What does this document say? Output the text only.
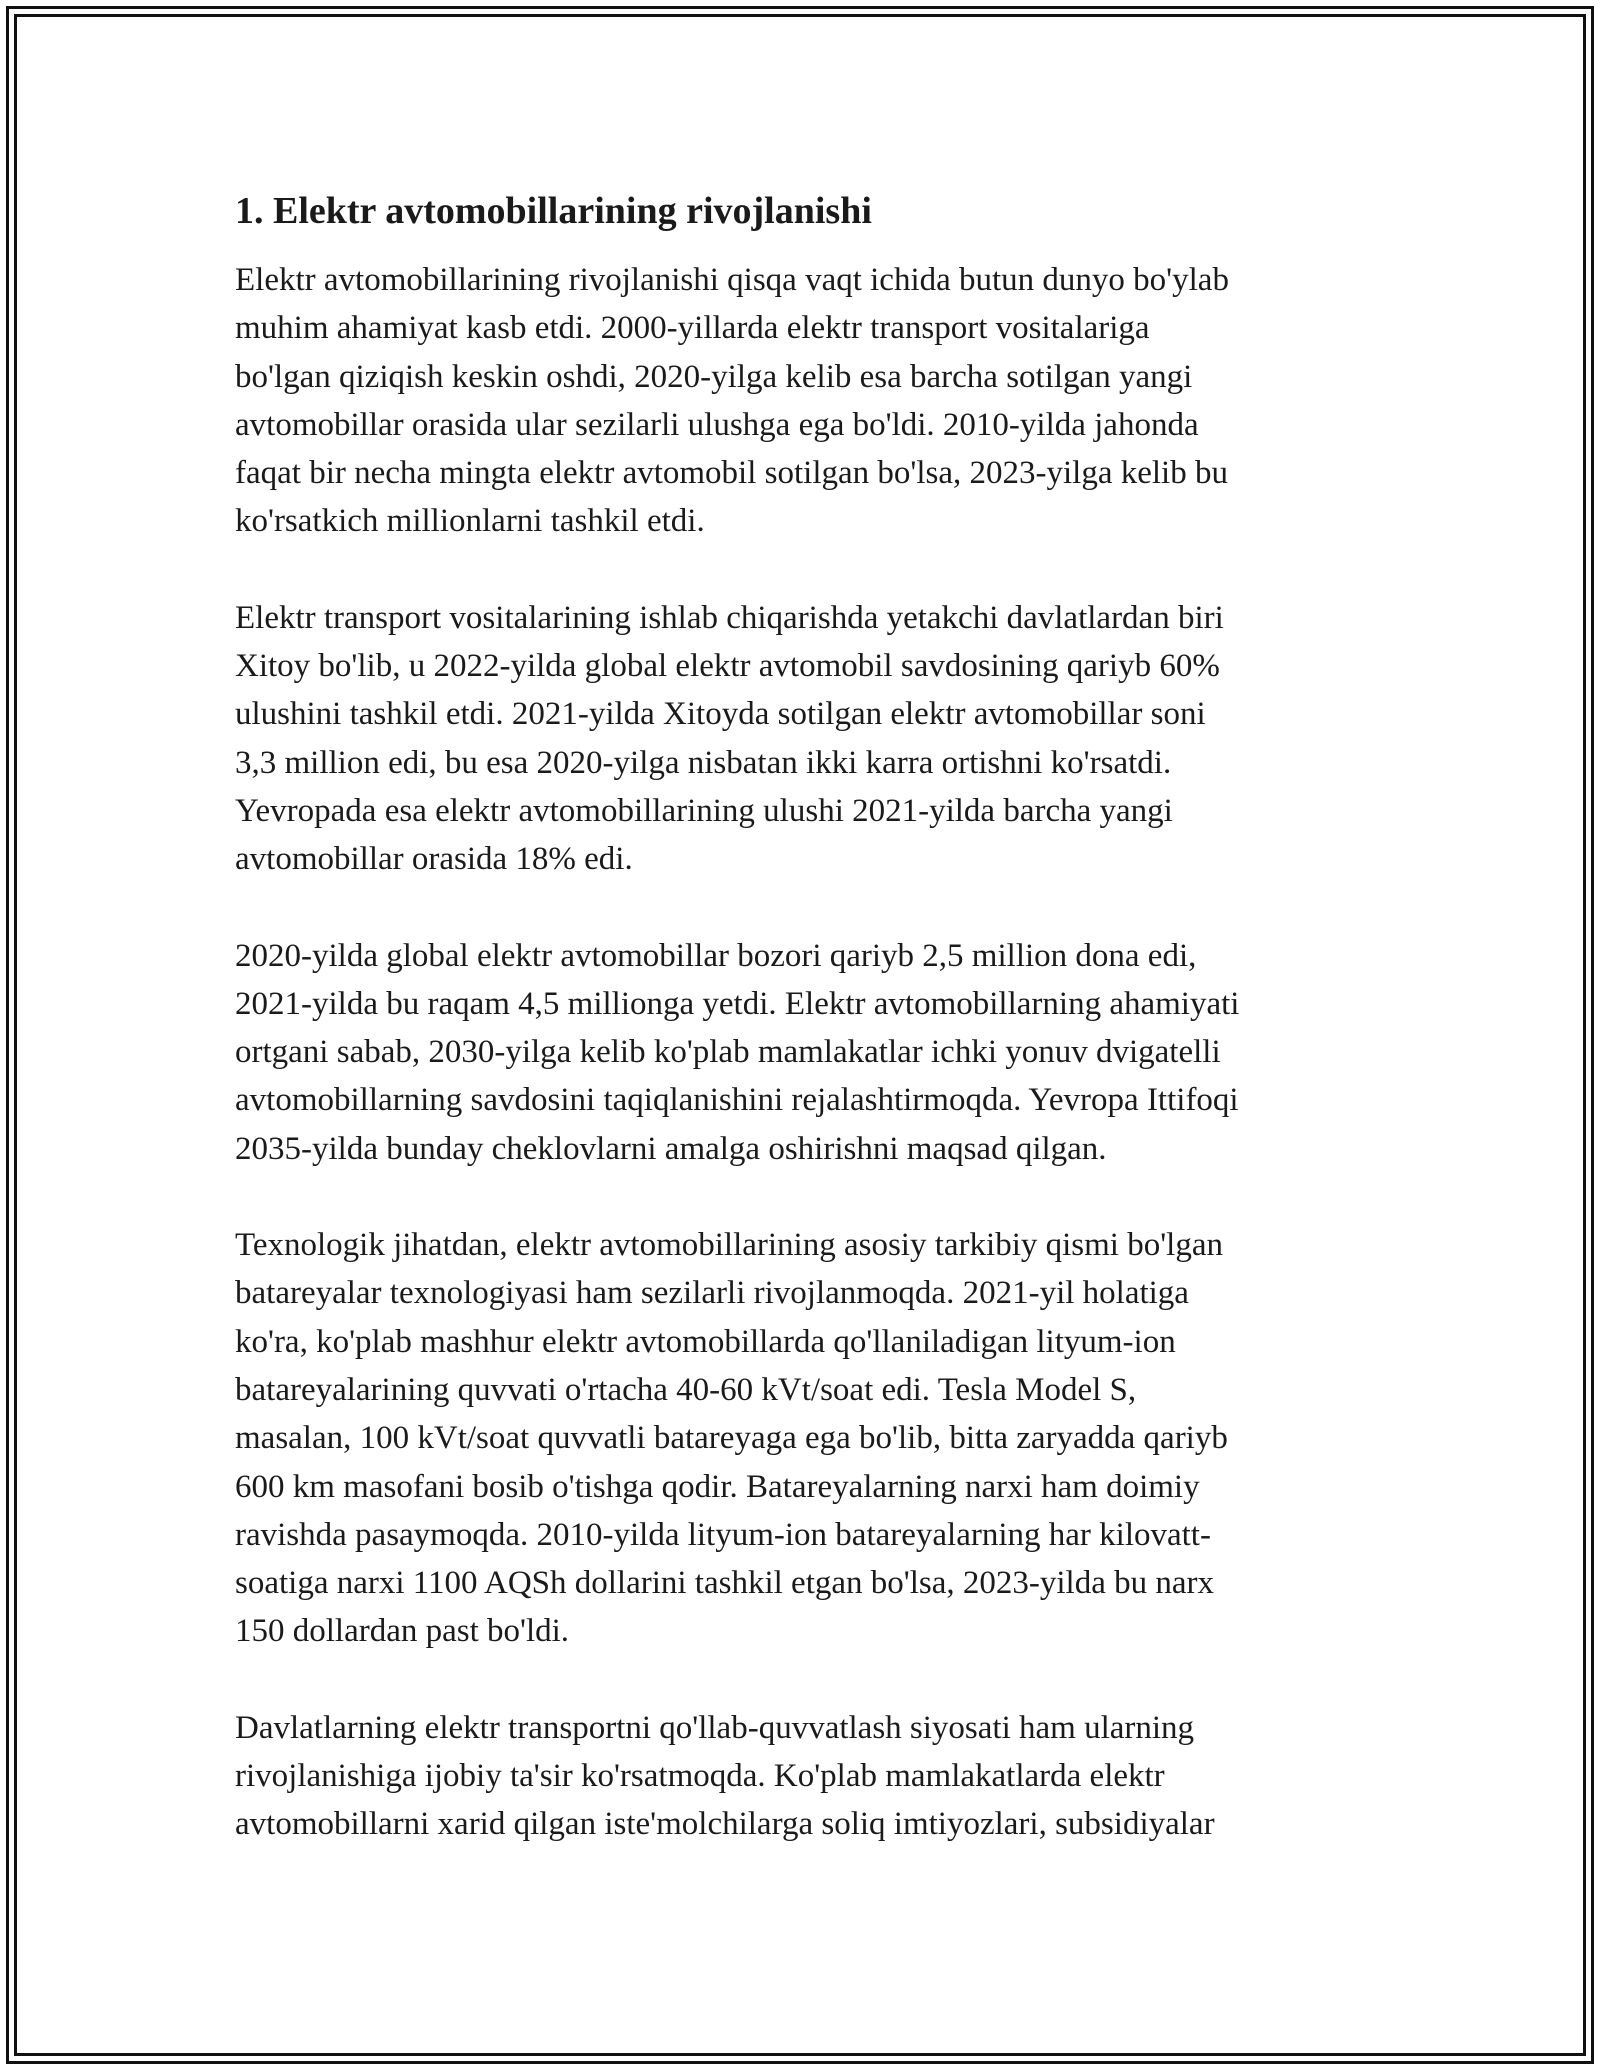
1. Elektr avtomobillarining rivojlanishi

Elektr avtomobillarining rivojlanishi qisqa vaqt ichida butun dunyo bo'ylab
muhim ahamiyat kasb etdi. 2000-yillarda elektr transport vositalariga
bo'lgan qiziqish keskin oshdi, 2020-yilga kelib esa barcha sotilgan yangi
avtomobillar orasida ular sezilarli ulushga ega bo'ldi. 2010-yilda jahonda
faqat bir necha mingta elektr avtomobil sotilgan bo'lsa, 2023-yilga kelib bu
ko'rsatkich millionlarni tashkil etdi.

Elektr transport vositalarining ishlab chiqarishda yetakchi davlatlardan biri
Xitoy bo'lib, u 2022-yilda global elektr avtomobil savdosining qariyb 60%
ulushini tashkil etdi. 2021-yilda Xitoyda sotilgan elektr avtomobillar soni
3,3 million edi, bu esa 2020-yilga nisbatan ikki karra ortishni ko'rsatdi.
Yevropada esa elektr avtomobillarining ulushi 2021-yilda barcha yangi
avtomobillar orasida 18% edi.

2020-yilda global elektr avtomobillar bozori qariyb 2,5 million dona edi,
2021-yilda bu raqam 4,5 millionga yetdi. Elektr avtomobillarning ahamiyati
ortgani sabab, 2030-yilga kelib ko'plab mamlakatlar ichki yonuv dvigatelli
avtomobillarning savdosini taqiqlanishini rejalashtirmoqda. Yevropa Ittifoqi
2035-yilda bunday cheklovlarni amalga oshirishni maqsad qilgan.

Texnologik jihatdan, elektr avtomobillarining asosiy tarkibiy qismi bo'lgan
batareyalar texnologiyasi ham sezilarli rivojlanmoqda. 2021-yil holatiga
ko'ra, ko'plab mashhur elektr avtomobillarda qo'llaniladigan lityum-ion
batareyalarining quvvati o'rtacha 40-60 kVt/soat edi. Tesla Model S,
masalan, 100 kVt/soat quvvatli batareyaga ega bo'lib, bitta zaryadda qariyb
600 km masofani bosib o'tishga qodir. Batareyalarning narxi ham doimiy
ravishda pasaymoqda. 2010-yilda lityum-ion batareyalarning har kilovatt-
soatiga narxi 1100 AQSh dollarini tashkil etgan bo'lsa, 2023-yilda bu narx
150 dollardan past bo'ldi.

Davlatlarning elektr transportni qo'llab-quvvatlash siyosati ham ularning
rivojlanishiga ijobiy ta'sir ko'rsatmoqda. Ko'plab mamlakatlarda elektr
avtomobillarni xarid qilgan iste'molchilarga soliq imtiyozlari, subsidiyalar
